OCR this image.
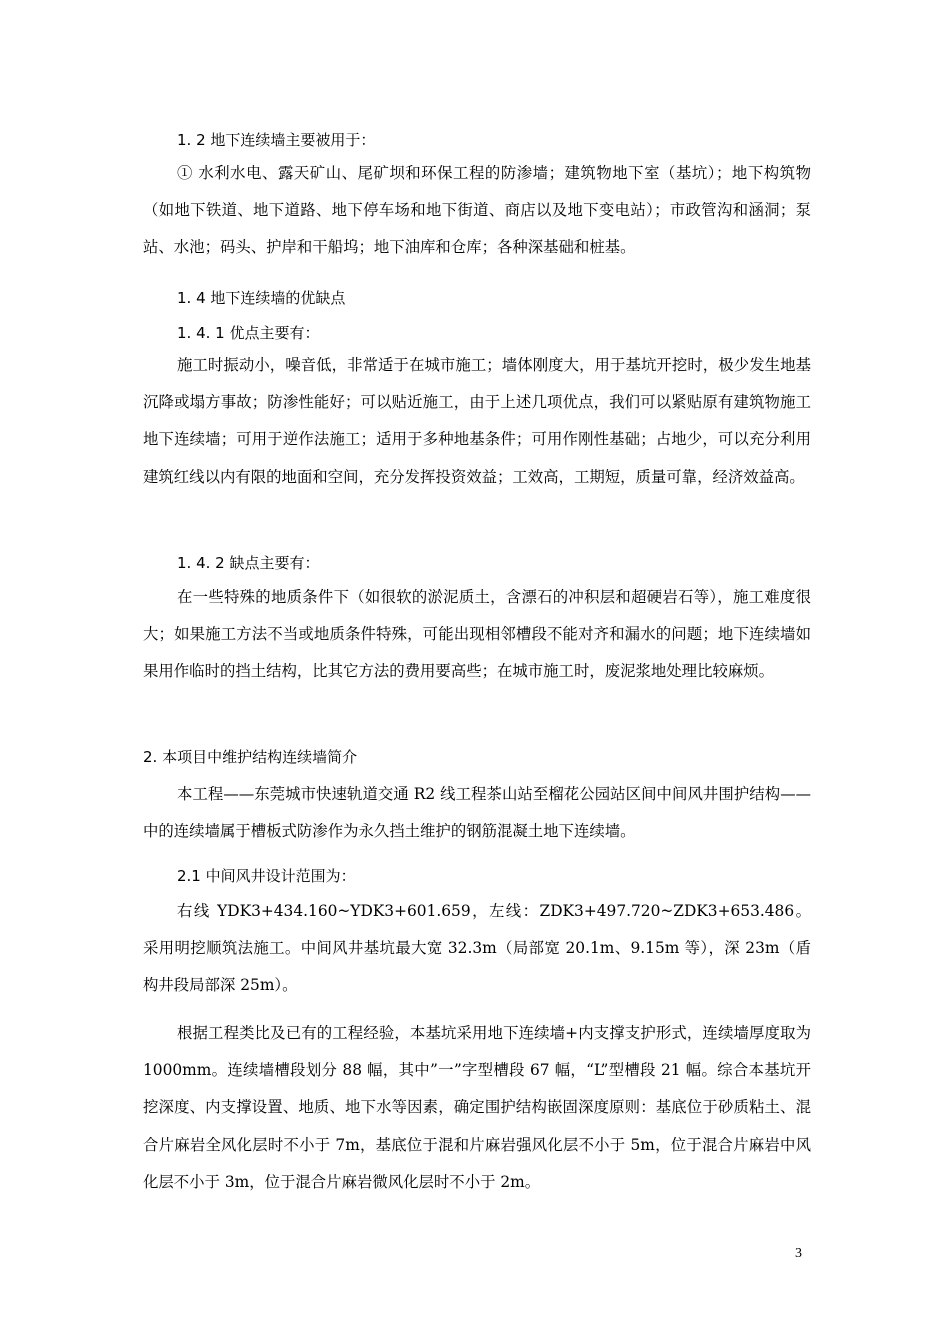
1. 2 地下连续墙主要被用于：

① 水利水电、露天矿山、尾矿坝和环保工程的防渗墙；建筑物地下室（基坑）；地下构筑物（如地下铁道、地下道路、地下停车场和地下街道、商店以及地下变电站）；市政管沟和涵洞；泵站、水池；码头、护岸和干船坞；地下油库和仓库；各种深基础和桩基。

1. 4 地下连续墙的优缺点
1. 4. 1 优点主要有：

施工时振动小，噪音低，非常适于在城市施工；墙体刚度大，用于基坑开挖时，极少发生地基沉降或塌方事故；防渗性能好；可以贴近施工，由于上述几项优点，我们可以紧贴原有建筑物施工地下连续墙；可用于逆作法施工；适用于多种地基条件；可用作刚性基础；占地少，可以充分利用建筑红线以内有限的地面和空间，充分发挥投资效益；工效高，工期短，质量可靠，经济效益高。

1. 4. 2 缺点主要有：

在一些特殊的地质条件下（如很软的淤泥质土，含漂石的冲积层和超硬岩石等），施工难度很大；如果施工方法不当或地质条件特殊，可能出现相邻槽段不能对齐和漏水的问题；地下连续墙如果用作临时的挡土结构，比其它方法的费用要高些；在城市施工时，废泥浆地处理比较麻烦。

2. 本项目中维护结构连续墙简介

本工程——东莞城市快速轨道交通 R2 线工程茶山站至榴花公园站区间中间风井围护结构——中的连续墙属于槽板式防渗作为永久挡土维护的钢筋混凝土地下连续墙。

2.1 中间风井设计范围为：

右线 YDK3+434.160~YDK3+601.659，左线：ZDK3+497.720~ZDK3+653.486。采用明挖顺筑法施工。中间风井基坑最大宽 32.3m（局部宽 20.1m、9.15m 等），深 23m（盾构井段局部深 25m）。

根据工程类比及已有的工程经验，本基坑采用地下连续墙+内支撑支护形式，连续墙厚度取为 1000mm。连续墙槽段划分 88 幅，其中”一”字型槽段 67 幅，“L”型槽段 21 幅。综合本基坑开挖深度、内支撑设置、地质、地下水等因素，确定围护结构嵌固深度原则：基底位于砂质粘土、混合片麻岩全风化层时不小于 7m，基底位于混和片麻岩强风化层不小于 5m，位于混合片麻岩中风化层不小于 3m，位于混合片麻岩微风化层时不小于 2m。

3
